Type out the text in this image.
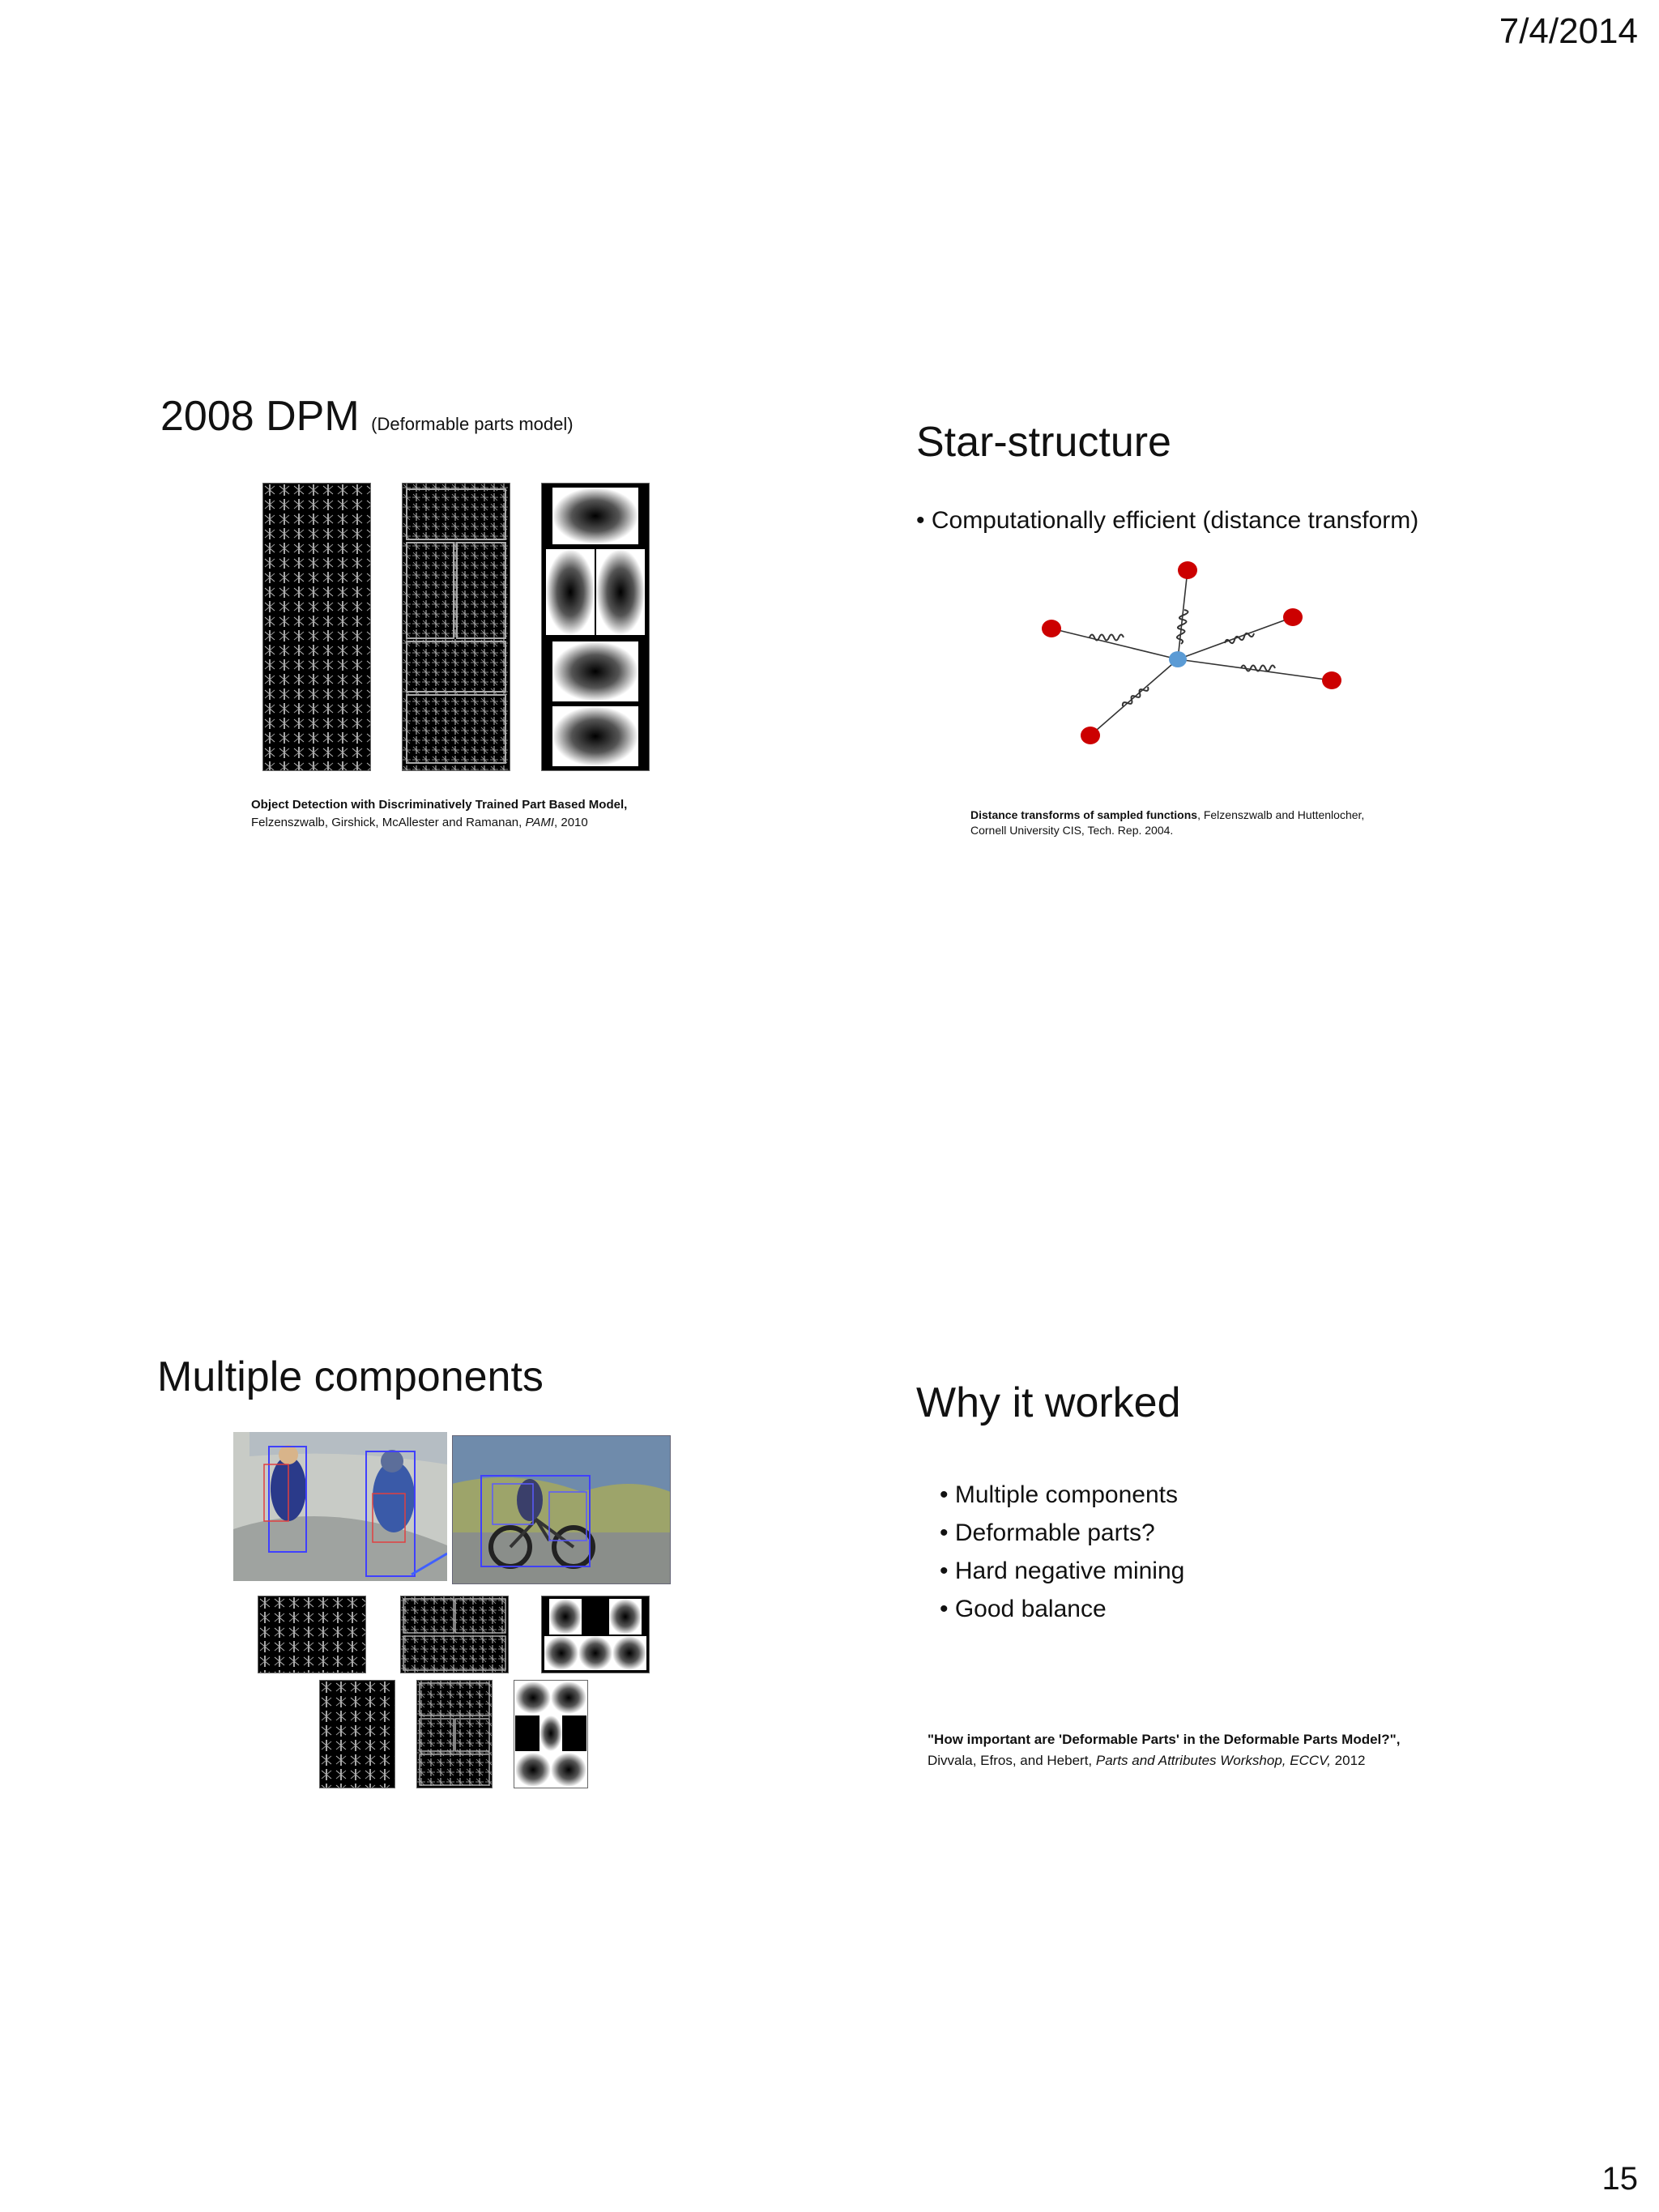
7/4/2014
15
2008 DPM (Deformable parts model)
Object Detection with Discriminatively Trained Part Based Model,
Felzenszwalb, Girshick, McAllester and Ramanan, PAMI, 2010
Star-structure
• Computationally efficient (distance transform)
Distance transforms of sampled functions, Felzenszwalb and Huttenlocher,
Cornell University CIS, Tech. Rep. 2004.
Multiple components
Why it worked
• Multiple components
• Deformable parts?
• Hard negative mining
• Good balance
"How important are 'Deformable Parts' in the Deformable Parts Model?",
Divvala, Efros, and Hebert, Parts and Attributes Workshop, ECCV, 2012
